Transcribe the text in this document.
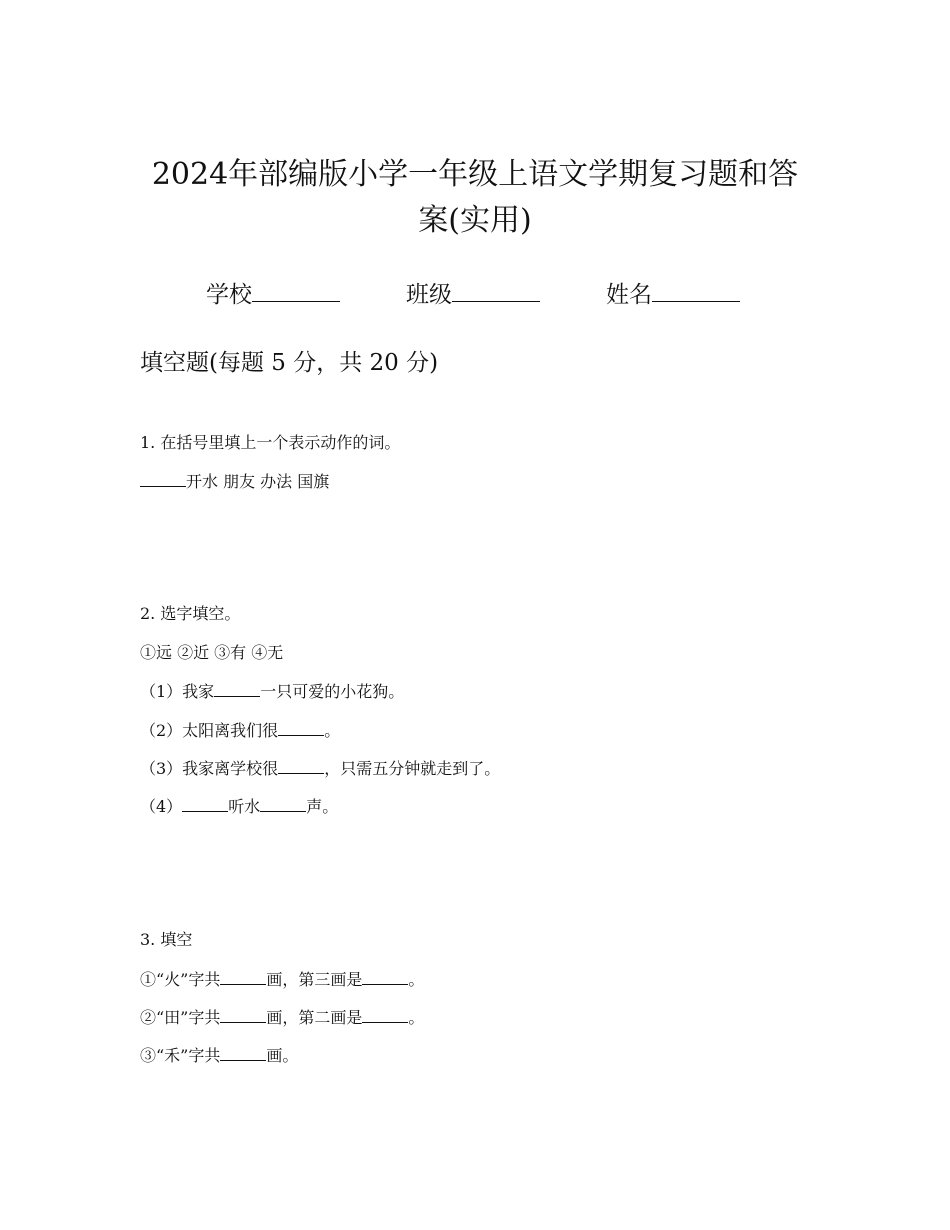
2024年部编版小学一年级上语文学期复习题和答
案(实用)
学校	班级	姓名
填空题(每题 5 分，共 20 分)
1. 在括号里填上一个表示动作的词。
开水 朋友 办法 国旗
2. 选字填空。
①远 ②近 ③有 ④无
（1）我家	一只可爱的小花狗。
（2）太阳离我们很	。
（3）我家离学校很	，只需五分钟就走到了。
（4）	听水	声。
3. 填空
①“火”字共	画，第三画是	。
②“田”字共	画，第二画是	。
③“禾”字共	画。
